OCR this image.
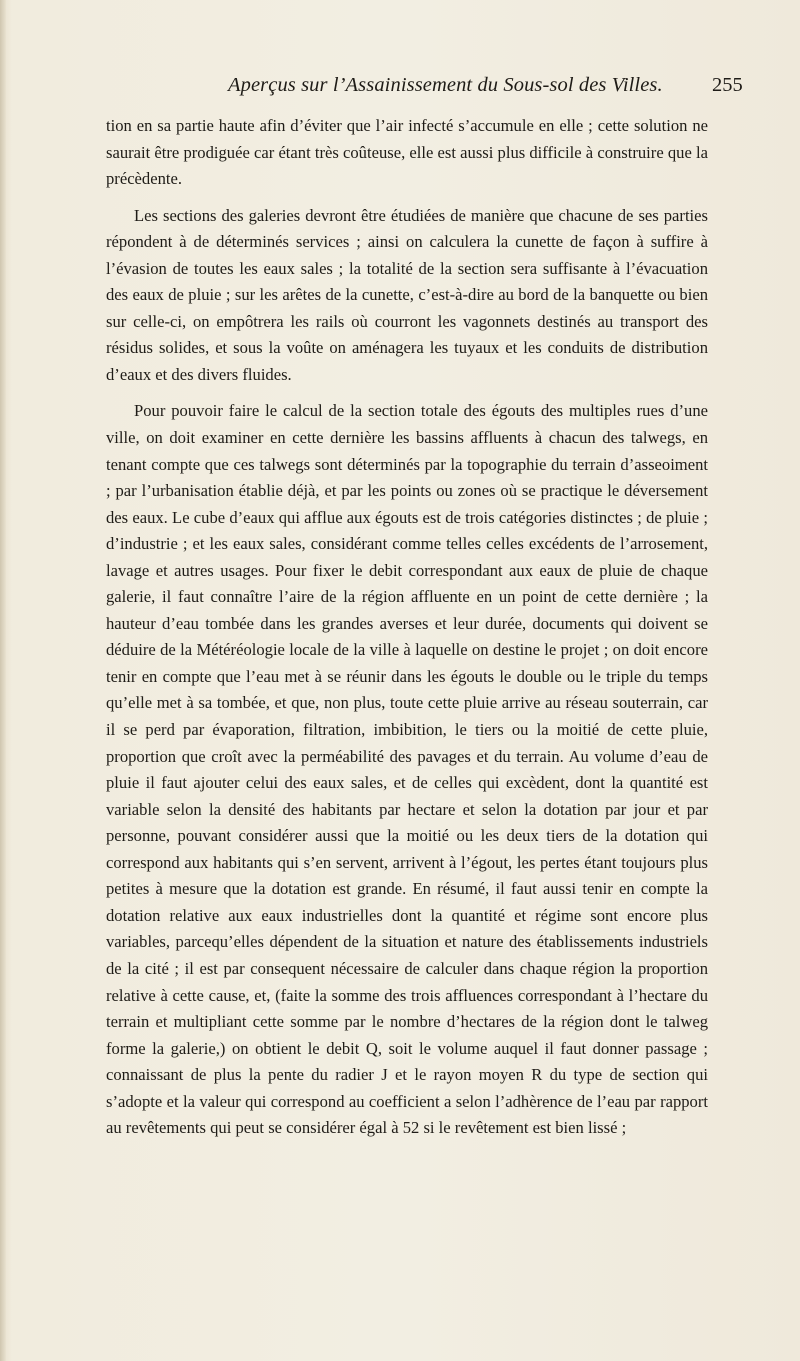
Aperçus sur l’Assainissement du Sous-sol des Villes. 255

tion en sa partie haute afin d’éviter que l’air infecté s’accumule en elle ; cette solution ne saurait être prodiguée car étant très coûteuse, elle est aussi plus difficile à construire que la précèdente.

Les sections des galeries devront être étudiées de manière que chacune de ses parties répondent à de déterminés services ; ainsi on calculera la cunette de façon à suffire à l’évasion de toutes les eaux sales ; la totalité de la section sera suffisante à l’évacuation des eaux de pluie ; sur les arêtes de la cunette, c’est-à-dire au bord de la banquette ou bien sur celle-ci, on empôtrera les rails où courront les vagonnets destinés au transport des résidus solides, et sous la voûte on aménagera les tuyaux et les conduits de distribution d’eaux et des divers fluides.

Pour pouvoir faire le calcul de la section totale des égouts des multiples rues d’une ville, on doit examiner en cette dernière les bassins affluents à chacun des talwegs, en tenant compte que ces talwegs sont déterminés par la topographie du terrain d’asseoiment ; par l’urbanisation établie déjà, et par les points ou zones où se practique le déversement des eaux. Le cube d’eaux qui afflue aux égouts est de trois catégories distinctes ; de pluie ; d’industrie ; et les eaux sales, considérant comme telles celles excédents de l’arrosement, lavage et autres usages. Pour fixer le debit correspondant aux eaux de pluie de chaque galerie, il faut connaître l’aire de la région affluente en un point de cette dernière ; la hauteur d’eau tombée dans les grandes averses et leur durée, documents qui doivent se déduire de la Météréologie locale de la ville à laquelle on destine le projet ; on doit encore tenir en compte que l’eau met à se réunir dans les égouts le double ou le triple du temps qu’elle met à sa tombée, et que, non plus, toute cette pluie arrive au réseau souterrain, car il se perd par évaporation, filtration, imbibition, le tiers ou la moitié de cette pluie, proportion que croît avec la perméabilité des pavages et du terrain. Au volume d’eau de pluie il faut ajouter celui des eaux sales, et de celles qui excèdent, dont la quantité est variable selon la densité des habitants par hectare et selon la dotation par jour et par personne, pouvant considérer aussi que la moitié ou les deux tiers de la dotation qui correspond aux habitants qui s’en servent, arrivent à l’égout, les pertes étant toujours plus petites à mesure que la dotation est grande. En résumé, il faut aussi tenir en compte la dotation relative aux eaux industrielles dont la quantité et régime sont encore plus variables, parcequ’elles dépendent de la situation et nature des établissements industriels de la cité ; il est par consequent nécessaire de calculer dans chaque région la proportion relative à cette cause, et, (faite la somme des trois affluences correspondant à l’hectare du terrain et multipliant cette somme par le nombre d’hectares de la région dont le talweg forme la galerie,) on obtient le debit Q, soit le volume auquel il faut donner passage ; connaissant de plus la pente du radier J et le rayon moyen R du type de section qui s’adopte et la valeur qui correspond au coefficient a selon l’adhèrence de l’eau par rapport au revêtements qui peut se considérer égal à 52 si le revêtement est bien lissé ;
